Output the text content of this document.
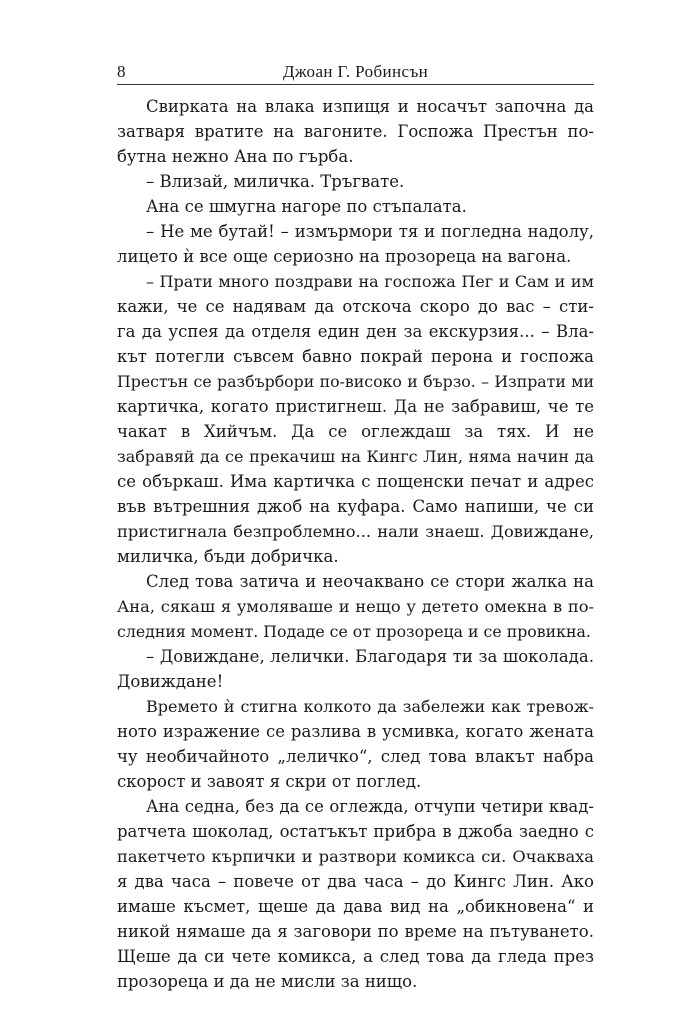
8	Джоан Г. Робинсън
Свирката на влака изпищя и носачът започна да
затваря вратите на вагоните. Госпожа Престън по-
бутна нежно Ана по гърба.
– Влизай, миличка. Тръгвате.
Ана се шмугна нагоре по стъпалата.
– Не ме бутай! – измърмори тя и погледна надолу,
лицето ѝ все още сериозно на прозореца на вагона.
– Прати много поздрави на госпожа Пег и Сам и им
кажи, че се надявам да отскоча скоро до вас – сти-
га да успея да отделя един ден за екскурзия... – Вла-
кът потегли съвсем бавно покрай перона и госпожа
Престън се разбърбори по-високо и бързо. – Изпрати ми
картичка, когато пристигнеш. Да не забравиш, че те
чакат в Хийчъм. Да се оглеждаш за тях. И не
забравяй да се прекачиш на Кингс Лин, няма начин да
се объркаш. Има картичка с пощенски печат и адрес
във вътрешния джоб на куфара. Само напиши, че си
пристигнала безпроблемно... нали знаеш. Довиждане,
миличка, бъди добричка.
След това затича и неочаквано се стори жалка на
Ана, сякаш я умоляваше и нещо у детето омекна в по-
следния момент. Подаде се от прозореца и се провикна.
– Довиждане, лелички. Благодаря ти за шоколада.
Довиждане!
Времето ѝ стигна колкото да забележи как тревож-
ното изражение се разлива в усмивка, когато жената
чу необичайното „леличко“, след това влакът набра
скорост и завоят я скри от поглед.
Ана седна, без да се оглежда, отчупи четири квад-
ратчета шоколад, остатъкът прибра в джоба заедно с
пакетчето кърпички и разтвори комикса си. Очакваха
я два часа – повече от два часа – до Кингс Лин. Ако
имаше късмет, щеше да дава вид на „обикновена“ и
никой нямаше да я заговори по време на пътуването.
Щеше да си чете комикса, а след това да гледа през
прозореца и да не мисли за нищо.
